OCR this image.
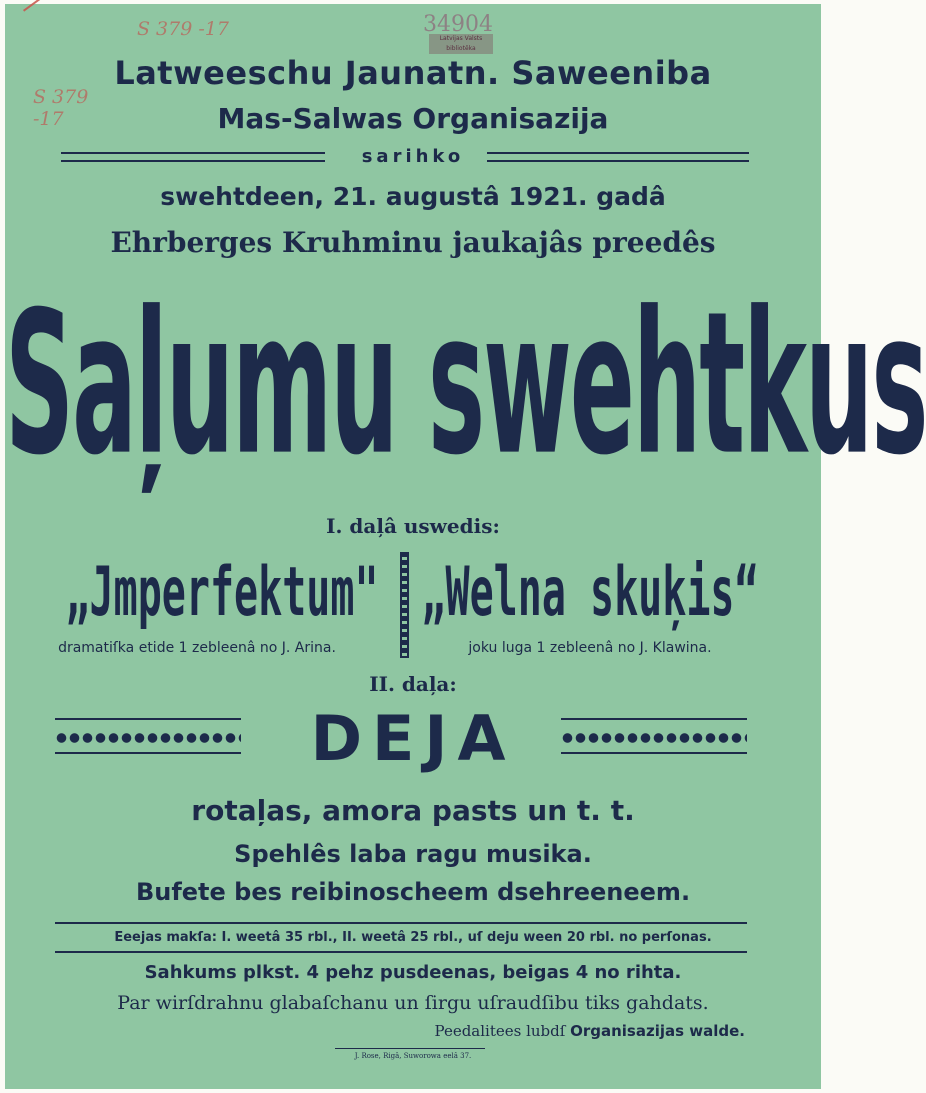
S 379 -17
S 379 -17
34904
Latvijas Valsts bibliotēka
Latweeschu Jaunatn. Saweeniba
Mas-Salwas Organisazija
sarihko
swehtdeen, 21. augustâ 1921. gadâ
Ehrberges Kruhminu jaukajâs preedês
Saļumu swehtkus
I. daļâ uswedis:
„Jmperfektum"
dramatiſka etide 1 zebleenâ no J. Arina.
„Welna skuķis“
joku luga 1 zebleenâ no J. Klawina.
II. daļa:
DEJA
rotaļas, amora pasts un t. t.
Spehlês laba ragu musika.
Bufete bes reibinoscheem dsehreeneem.
Eeejas makſa: I. weetâ 35 rbl., II. weetâ 25 rbl., uſ deju ween 20 rbl. no perſonas.
Sahkums plkst. 4 pehz pusdeenas, beigas 4 no rihta.
Par wirſdrahnu glabaſchanu un ſirgu uſraudſibu tiks gahdats.
Peedalitees lubdſ Organisazijas walde.
J. Rose, Rigâ, Suworowa eelâ 37.
